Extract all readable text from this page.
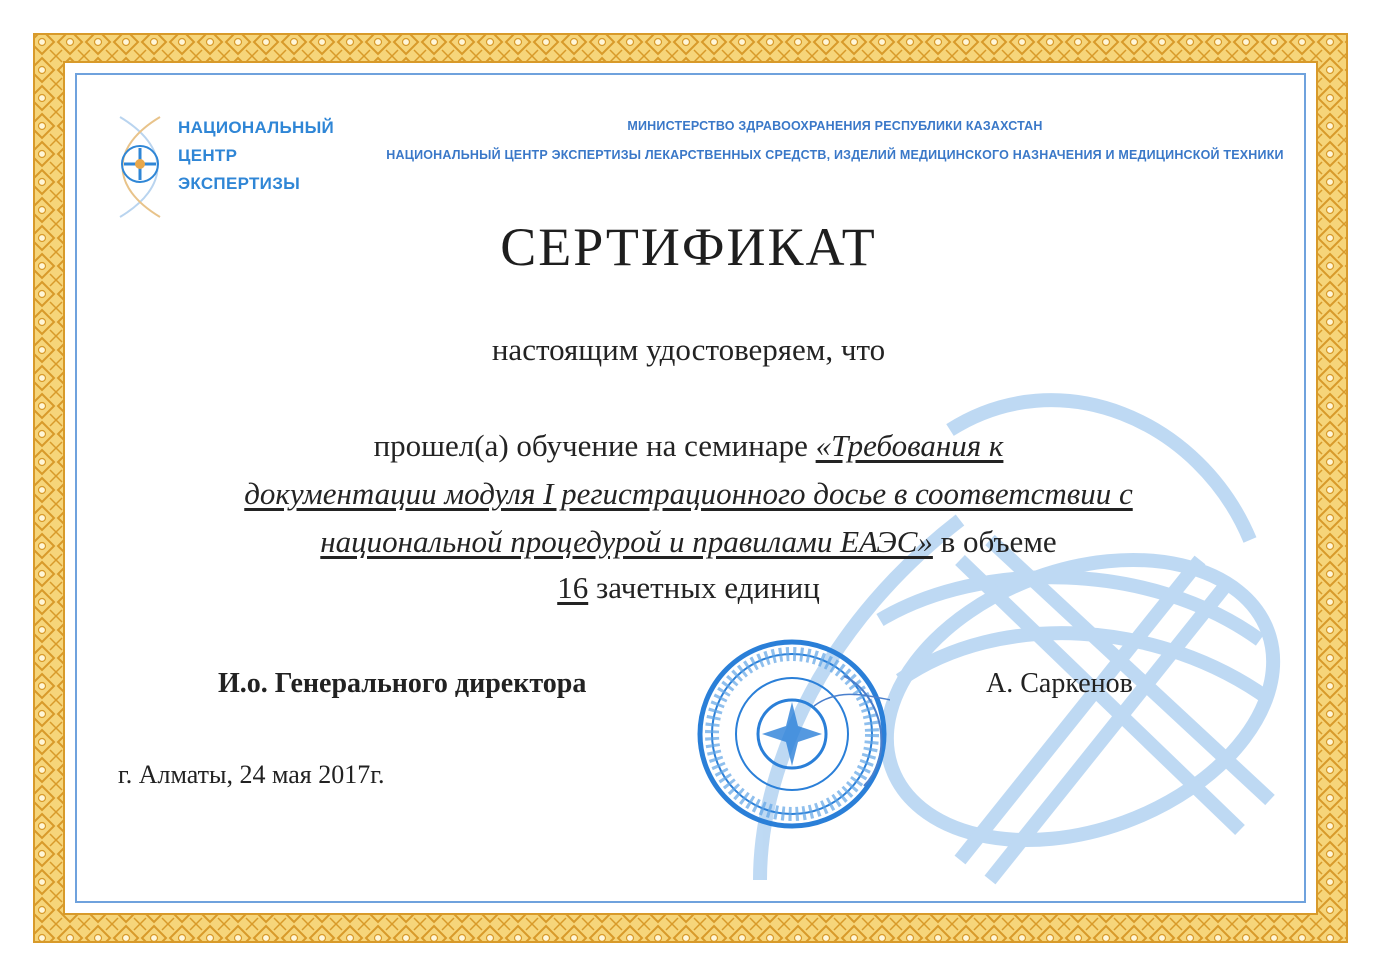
НАЦИОНАЛЬНЫЙ

ЦЕНТР

ЭКСПЕРТИЗЫ
МИНИСТЕРСТВО ЗДРАВООХРАНЕНИЯ РЕСПУБЛИКИ КАЗАХСТАН
НАЦИОНАЛЬНЫЙ ЦЕНТР ЭКСПЕРТИЗЫ ЛЕКАРСТВЕННЫХ СРЕДСТВ, ИЗДЕЛИЙ МЕДИЦИНСКОГО НАЗНАЧЕНИЯ И МЕДИЦИНСКОЙ ТЕХНИКИ
СЕРТИФИКАТ
настоящим удостоверяем, что
прошел(а) обучение на семинаре «Требования к
документации модуля I регистрационного досье в соответствии с
национальной процедурой и правилами ЕАЭС» в объеме
16 зачетных единиц
И.о. Генерального директора	А. Саркенов
г. Алматы, 24 мая 2017г.
